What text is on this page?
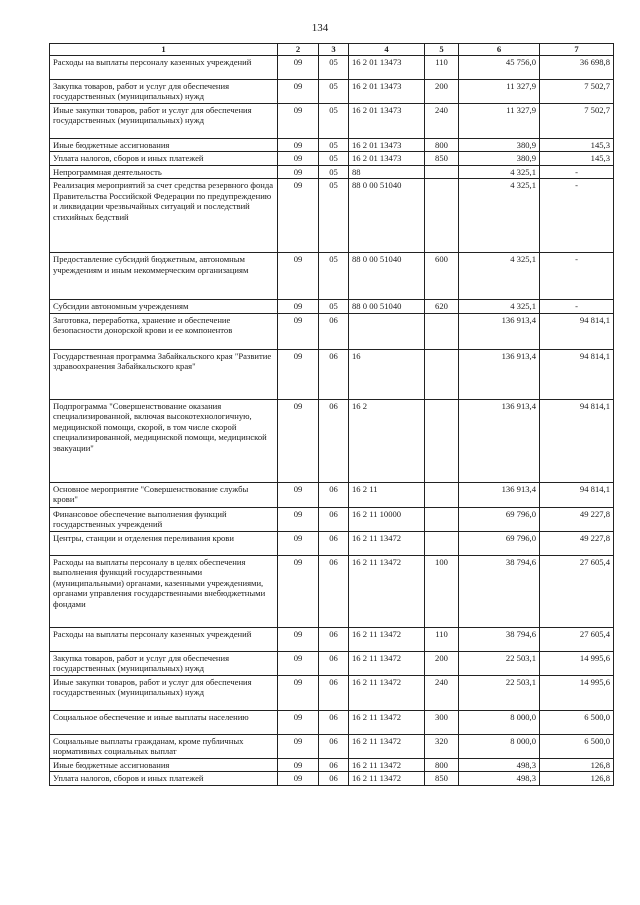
134
1	2	3	4	5	6	7
Расходы на выплаты персоналу казенных учреждений	09	05	16 2 01 13473	110	45 756,0	36 698,8
Закупка товаров, работ и услуг для обеспечения государственных (муниципальных) нужд	09	05	16 2 01 13473	200	11 327,9	7 502,7
Иные закупки товаров, работ и услуг для обеспечения государственных (муниципальных) нужд	09	05	16 2 01 13473	240	11 327,9	7 502,7
Иные бюджетные ассигнования	09	05	16 2 01 13473	800	380,9	145,3
Уплата налогов, сборов и иных платежей	09	05	16 2 01 13473	850	380,9	145,3
Непрограммная деятельность	09	05	88		4 325,1	-
Реализация мероприятий за счет средства резервного фонда Правительства Российской Федерации по предупреждению и ликвидации чрезвычайных ситуаций и последствий стихийных бедствий	09	05	88 0 00 51040		4 325,1	-
Предоставление субсидий бюджетным, автономным учреждениям и иным некоммерческим организациям	09	05	88 0 00 51040	600	4 325,1	-
Субсидии автономным учреждениям	09	05	88 0 00 51040	620	4 325,1	-
Заготовка, переработка, хранение и обеспечение безопасности донорской крови и ее компонентов	09	06			136 913,4	94 814,1
Государственная программа Забайкальского края "Развитие здравоохранения Забайкальского края"	09	06	16		136 913,4	94 814,1
Подпрограмма "Совершенствование оказания специализированной, включая высокотехнологичную, медицинской помощи, скорой, в том числе скорой специализированной, медицинской помощи, медицинской эвакуации"	09	06	16 2		136 913,4	94 814,1
Основное мероприятие "Совершенствование службы крови"	09	06	16 2 11		136 913,4	94 814,1
Финансовое обеспечение выполнения функций государственных учреждений	09	06	16 2 11 10000		69 796,0	49 227,8
Центры, станции и отделения переливания крови	09	06	16 2 11 13472		69 796,0	49 227,8
Расходы на выплаты персоналу в целях обеспечения выполнения функций государственными (муниципальными) органами, казенными учреждениями, органами управления государственными внебюджетными фондами	09	06	16 2 11 13472	100	38 794,6	27 605,4
Расходы на выплаты персоналу казенных учреждений	09	06	16 2 11 13472	110	38 794,6	27 605,4
Закупка товаров, работ и услуг для обеспечения государственных (муниципальных) нужд	09	06	16 2 11 13472	200	22 503,1	14 995,6
Иные закупки товаров, работ и услуг для обеспечения государственных (муниципальных) нужд	09	06	16 2 11 13472	240	22 503,1	14 995,6
Социальное обеспечение и иные выплаты населению	09	06	16 2 11 13472	300	8 000,0	6 500,0
Социальные выплаты гражданам, кроме публичных нормативных социальных выплат	09	06	16 2 11 13472	320	8 000,0	6 500,0
Иные бюджетные ассигнования	09	06	16 2 11 13472	800	498,3	126,8
Уплата налогов, сборов и иных платежей	09	06	16 2 11 13472	850	498,3	126,8
